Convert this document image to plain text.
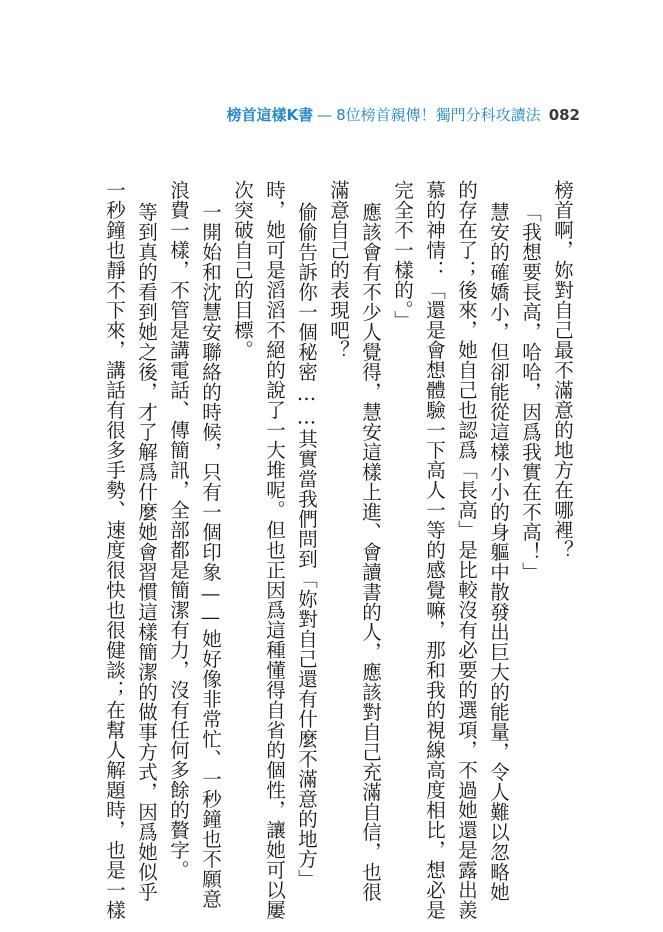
榜首這樣K書 — 8位榜首親傳！獨門分科攻讀法 082
榜首啊，妳對自己最不滿意的地方在哪裡？
「我想要長高，哈哈，因爲我實在不高！」
慧安的確嬌小，但卻能從這樣小小的身軀中散發出巨大的能量，令人難以忽略她
的存在了；後來，她自己也認爲「長高」是比較沒有必要的選項，不過她還是露出羨
慕的神情：「還是會想體驗一下高人一等的感覺嘛，那和我的視線高度相比，想必是
完全不一樣的。」
應該會有不少人覺得，慧安這樣上進、會讀書的人，應該對自己充滿自信，也很
滿意自己的表現吧？
偷偷告訴你一個秘密……其實當我們問到「妳對自己還有什麼不滿意的地方」
時，她可是滔滔不絕的說了一大堆呢。但也正因爲這種懂得自省的個性，讓她可以屢
次突破自己的目標。
一開始和沈慧安聯絡的時候，只有一個印象——她好像非常忙、一秒鐘也不願意
浪費一樣，不管是講電話、傳簡訊，全部都是簡潔有力，沒有任何多餘的贅字。
等到真的看到她之後，才了解爲什麼她會習慣這樣簡潔的做事方式，因爲她似乎
一秒鐘也靜不下來，講話有很多手勢、速度很快也很健談；在幫人解題時，也是一樣
